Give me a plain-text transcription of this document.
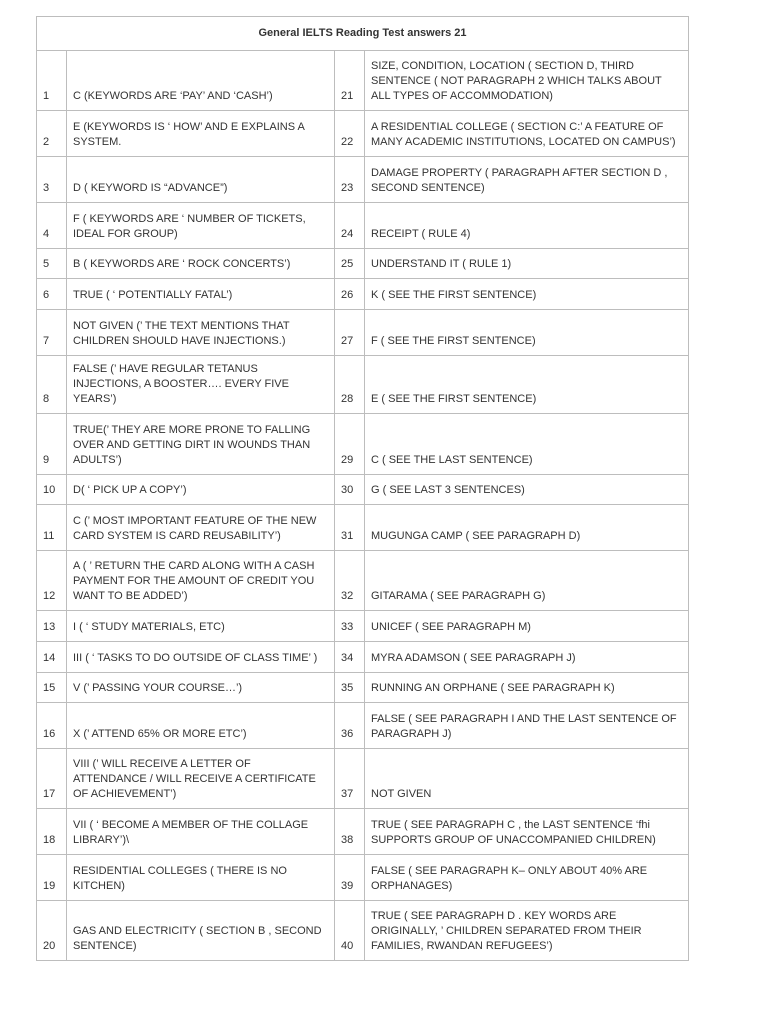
General IELTS Reading Test answers 21			
1	C (KEYWORDS ARE ‘PAY’ AND ‘CASH’)	21	SIZE, CONDITION, LOCATION ( SECTION D, THIRD SENTENCE ( NOT PARAGRAPH 2 WHICH TALKS ABOUT ALL TYPES OF ACCOMMODATION)
2	E (KEYWORDS IS ‘ HOW’ AND E EXPLAINS A SYSTEM.	22	A RESIDENTIAL COLLEGE ( SECTION C:’ A FEATURE OF MANY ACADEMIC INSTITUTIONS, LOCATED ON CAMPUS’)
3	D ( KEYWORD IS “ADVANCE”)	23	DAMAGE PROPERTY ( PARAGRAPH AFTER SECTION D , SECOND SENTENCE)
4	F ( KEYWORDS ARE ‘ NUMBER OF TICKETS, IDEAL FOR GROUP)	24	RECEIPT ( RULE 4)
5	B ( KEYWORDS ARE ‘ ROCK CONCERTS’)	25	UNDERSTAND IT ( RULE 1)
6	TRUE ( ‘ POTENTIALLY FATAL’)	26	K ( SEE THE FIRST SENTENCE)
7	NOT GIVEN (’ THE TEXT MENTIONS THAT CHILDREN SHOULD HAVE INJECTIONS.)	27	F ( SEE THE FIRST SENTENCE)
8	FALSE (’ HAVE REGULAR TETANUS INJECTIONS, A BOOSTER…. EVERY FIVE YEARS’)	28	E ( SEE THE FIRST SENTENCE)
9	TRUE(’ THEY ARE MORE PRONE TO FALLING OVER AND GETTING DIRT IN WOUNDS THAN ADULTS’)	29	C ( SEE THE LAST SENTENCE)
10	D( ‘ PICK UP A COPY’)	30	G ( SEE LAST 3 SENTENCES)
11	C (’ MOST IMPORTANT FEATURE OF THE NEW CARD SYSTEM IS CARD REUSABILITY’)	31	MUGUNGA CAMP ( SEE PARAGRAPH D)
12	A ( ’ RETURN THE CARD ALONG WITH A CASH PAYMENT FOR THE AMOUNT OF CREDIT YOU WANT TO BE ADDED’)	32	GITARAMA ( SEE PARAGRAPH G)
13	I ( ‘ STUDY MATERIALS, ETC)	33	UNICEF ( SEE PARAGRAPH M)
14	III ( ‘ TASKS TO DO OUTSIDE OF CLASS TIME’ )	34	MYRA ADAMSON ( SEE PARAGRAPH J)
15	V (’ PASSING YOUR COURSE…’)	35	RUNNING AN ORPHANE ( SEE PARAGRAPH K)
16	X (’ ATTEND 65% OR MORE ETC’)	36	FALSE ( SEE PARAGRAPH I AND THE LAST SENTENCE OF PARAGRAPH J)
17	VIII (’ WILL RECEIVE A LETTER OF ATTENDANCE / WILL RECEIVE A CERTIFICATE OF ACHIEVEMENT’)	37	NOT GIVEN
18	VII ( ‘ BECOME A MEMBER OF THE COLLAGE LIBRARY’)\	38	TRUE ( SEE PARAGRAPH C , the LAST SENTENCE ‘fhi SUPPORTS GROUP OF UNACCOMPANIED CHILDREN)
19	RESIDENTIAL COLLEGES ( THERE IS NO KITCHEN)	39	FALSE ( SEE PARAGRAPH K– ONLY ABOUT 40% ARE ORPHANAGES)
20	GAS AND ELECTRICITY ( SECTION B , SECOND SENTENCE)	40	TRUE ( SEE PARAGRAPH D . KEY WORDS ARE ORIGINALLY, ’ CHILDREN SEPARATED FROM THEIR FAMILIES, RWANDAN REFUGEES’)
